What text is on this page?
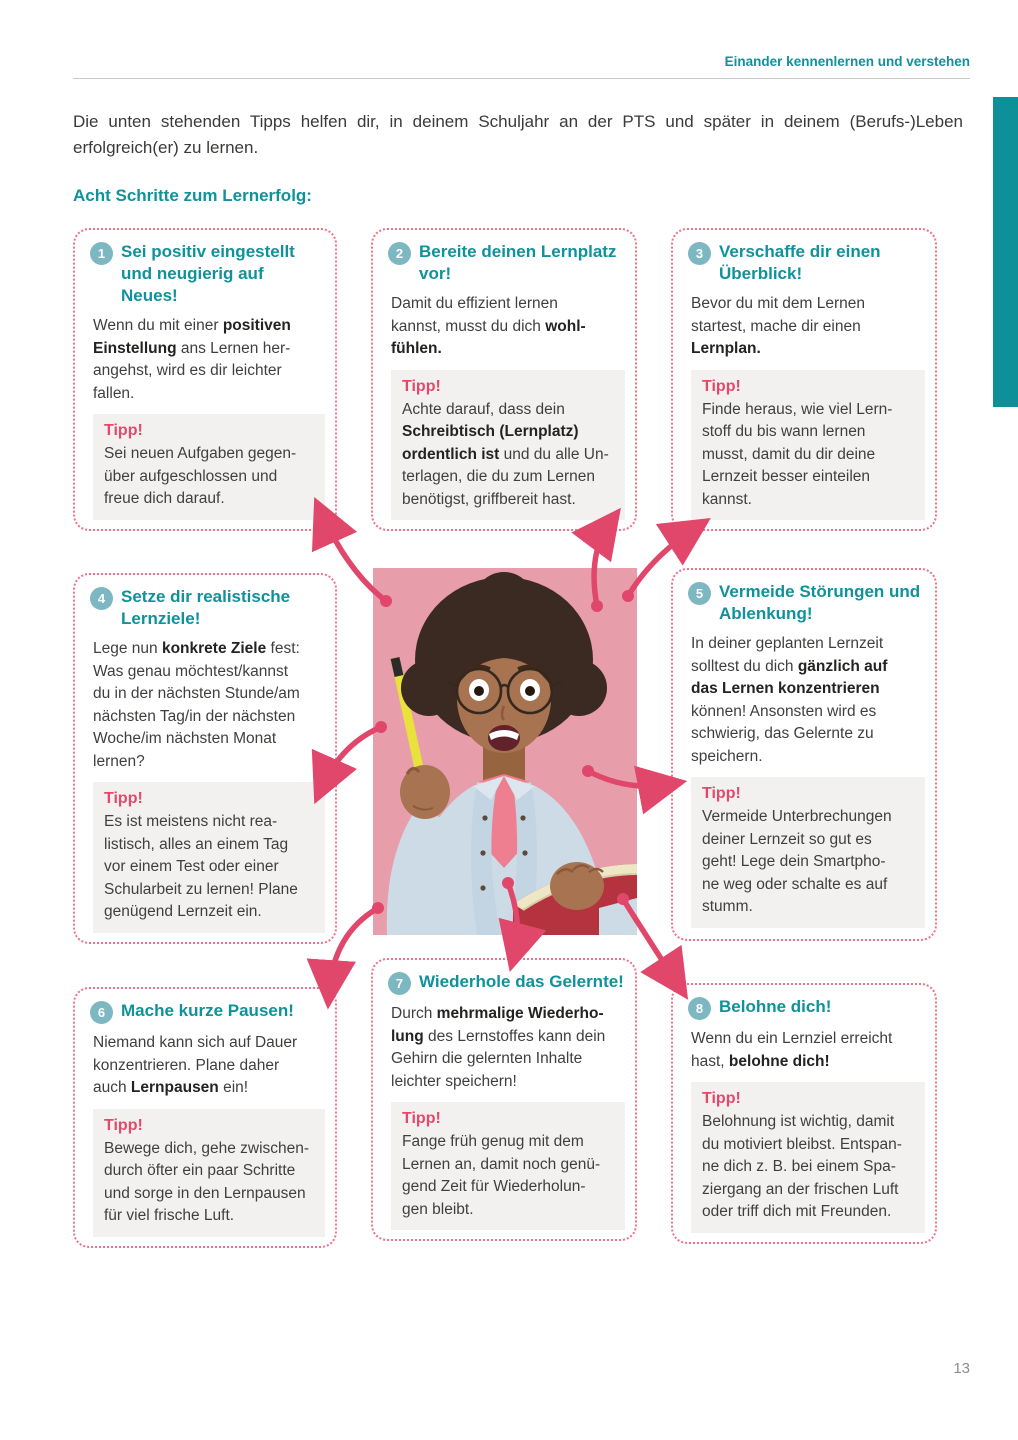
Einander kennenlernen und verstehen

Die unten stehenden Tipps helfen dir, in deinem Schuljahr an der PTS und später in deinem (Berufs-)Leben erfolgreich(er) zu lernen.

Acht Schritte zum Lernerfolg:
1 Sei positiv eingestellt und neugierig auf Neues!

Wenn du mit einer positiven
Einstellung ans Lernen her-
angehst, wird es dir leichter
fallen.

Tipp!

Sei neuen Aufgaben gegen-
über aufgeschlossen und
freue dich darauf.

2 Bereite deinen Lernplatz vor!

Damit du effizient lernen
kannst, musst du dich wohl-
fühlen.

Tipp!

Achte darauf, dass dein
Schreibtisch (Lernplatz)
ordentlich ist und du alle Un-
terlagen, die du zum Lernen
benötigst, griffbereit hast.

3 Verschaffe dir einen Überblick!

Bevor du mit dem Lernen
startest, mache dir einen
Lernplan.

Tipp!

Finde heraus, wie viel Lern-
stoff du bis wann lernen
musst, damit du dir deine
Lernzeit besser einteilen
kannst.

4 Setze dir realistische Lernziele!

Lege nun konkrete Ziele fest:
Was genau möchtest/kannst
du in der nächsten Stunde/am
nächsten Tag/in der nächsten
Woche/im nächsten Monat
lernen?

Tipp!

Es ist meistens nicht rea-
listisch, alles an einem Tag
vor einem Test oder einer
Schularbeit zu lernen! Plane
genügend Lernzeit ein.

5 Vermeide Störungen und Ablenkung!

In deiner geplanten Lernzeit
solltest du dich gänzlich auf
das Lernen konzentrieren
können! Ansonsten wird es
schwierig, das Gelernte zu
speichern.

Tipp!

Vermeide Unterbrechungen
deiner Lernzeit so gut es
geht! Lege dein Smartpho-
ne weg oder schalte es auf
stumm.

6 Mache kurze Pausen!

Niemand kann sich auf Dauer
konzentrieren. Plane daher
auch Lernpausen ein!

Tipp!

Bewege dich, gehe zwischen-
durch öfter ein paar Schritte
und sorge in den Lernpausen
für viel frische Luft.

7 Wiederhole das Gelernte!

Durch mehrmalige Wiederho-
lung des Lernstoffes kann dein
Gehirn die gelernten Inhalte
leichter speichern!

Tipp!

Fange früh genug mit dem
Lernen an, damit noch genü-
gend Zeit für Wiederholun-
gen bleibt.

8 Belohne dich!

Wenn du ein Lernziel erreicht
hast, belohne dich!

Tipp!

Belohnung ist wichtig, damit
du motiviert bleibst. Entspan-
ne dich z. B. bei einem Spa-
ziergang an der frischen Luft
oder triff dich mit Freunden.

13
